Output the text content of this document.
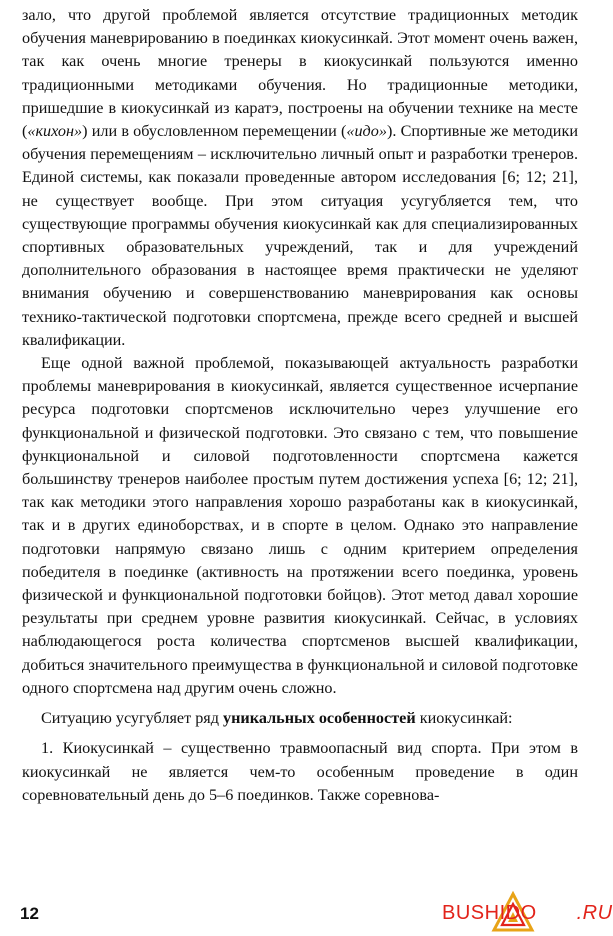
зало, что другой проблемой является отсутствие традиционных методик обучения маневрированию в поединках киокусинкай. Этот момент очень важен, так как очень многие тренеры в киокусинкай пользуются именно традиционными методиками обучения. Но традиционные методики, пришедшие в киокусинкай из каратэ, построены на обучении технике на месте («кихон») или в обусловленном перемещении («идо»). Спортивные же методики обучения перемещениям – исключительно личный опыт и разработки тренеров. Единой системы, как показали проведенные автором исследования [6; 12; 21], не существует вообще. При этом ситуация усугубляется тем, что существующие программы обучения киокусинкай как для специализированных спортивных образовательных учреждений, так и для учреждений дополнительного образования в настоящее время практически не уделяют внимания обучению и совершенствованию маневрирования как основы технико-тактической подготовки спортсмена, прежде всего средней и высшей квалификации.

Еще одной важной проблемой, показывающей актуальность разработки проблемы маневрирования в киокусинкай, является существенное исчерпание ресурса подготовки спортсменов исключительно через улучшение его функциональной и физической подготовки. Это связано с тем, что повышение функциональной и силовой подготовленности спортсмена кажется большинству тренеров наиболее простым путем достижения успеха [6; 12; 21], так как методики этого направления хорошо разработаны как в киокусинкай, так и в других единоборствах, и в спорте в целом. Однако это направление подготовки напрямую связано лишь с одним критерием определения победителя в поединке (активность на протяжении всего поединка, уровень физической и функциональной подготовки бойцов). Этот метод давал хорошие результаты при среднем уровне развития киокусинкай. Сейчас, в условиях наблюдающегося роста количества спортсменов высшей квалификации, добиться значительного преимущества в функциональной и силовой подготовке одного спортсмена над другим очень сложно.

Ситуацию усугубляет ряд уникальных особенностей киокусинкай:

1. Киокусинкай – существенно травмоопасный вид спорта. При этом в киокусинкай не является чем-то особенным проведение в один соревновательный день до 5–6 поединков. Также соревнова-

12	BUSHIDO .RU
